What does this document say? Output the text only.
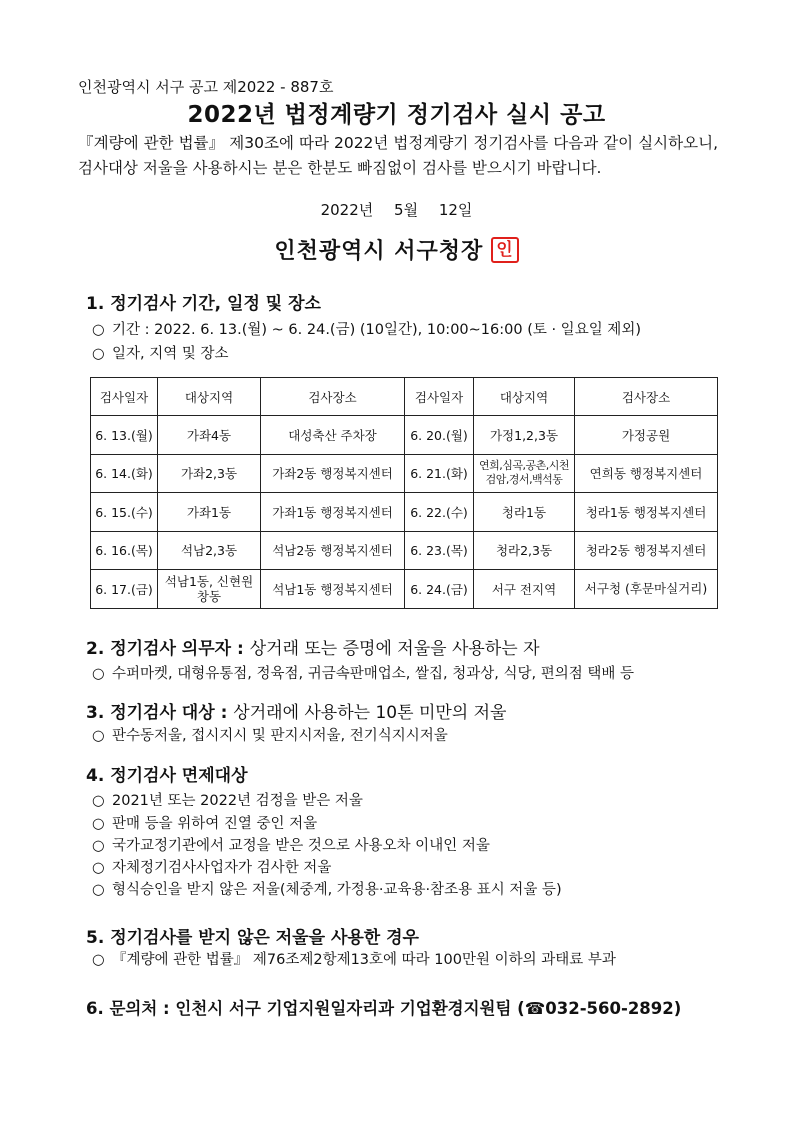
인천광역시 서구 공고 제2022 - 887호
2022년 법정계량기 정기검사 실시 공고
『계량에 관한 법률』 제30조에 따라 2022년 법정계량기 정기검사를 다음과 같이 실시하오니, 검사대상 저울을 사용하시는 분은 한분도 빠짐없이 검사를 받으시기 바랍니다.
2022년 5월 12일
인천광역시 서구청장 인
1. 정기검사 기간, 일정 및 장소
○ 기간 : 2022. 6. 13.(월) ~ 6. 24.(금) (10일간), 10:00∼16:00 (토 · 일요일 제외)
○ 일자, 지역 및 장소
검사일자	대상지역	검사장소	검사일자	대상지역	검사장소
6. 13.(월)	가좌4동	대성축산 주차장	6. 20.(월)	가정1,2,3동	가정공원
6. 14.(화)	가좌2,3동	가좌2동 행정복지센터	6. 21.(화)	연희,심곡,공촌,시천 검암,경서,백석동	연희동 행정복지센터
6. 15.(수)	가좌1동	가좌1동 행정복지센터	6. 22.(수)	청라1동	청라1동 행정복지센터
6. 16.(목)	석남2,3동	석남2동 행정복지센터	6. 23.(목)	청라2,3동	청라2동 행정복지센터
6. 17.(금)	석남1동, 신현원창동	석남1동 행정복지센터	6. 24.(금)	서구 전지역	서구청 (후문마실거리)
2. 정기검사 의무자 : 상거래 또는 증명에 저울을 사용하는 자
○ 수퍼마켓, 대형유통점, 정육점, 귀금속판매업소, 쌀집, 청과상, 식당, 편의점 택배 등
3. 정기검사 대상 : 상거래에 사용하는 10톤 미만의 저울
○ 판수동저울, 접시지시 및 판지시저울, 전기식지시저울
4. 정기검사 면제대상
○ 2021년 또는 2022년 검정을 받은 저울
○ 판매 등을 위하여 진열 중인 저울
○ 국가교정기관에서 교정을 받은 것으로 사용오차 이내인 저울
○ 자체정기검사사업자가 검사한 저울
○ 형식승인을 받지 않은 저울(체중계, 가정용·교육용·참조용 표시 저울 등)
5. 정기검사를 받지 않은 저울을 사용한 경우
○ 『계량에 관한 법률』 제76조제2항제13호에 따라 100만원 이하의 과태료 부과
6. 문의처 : 인천시 서구 기업지원일자리과 기업환경지원팀 (☎032-560-2892)
